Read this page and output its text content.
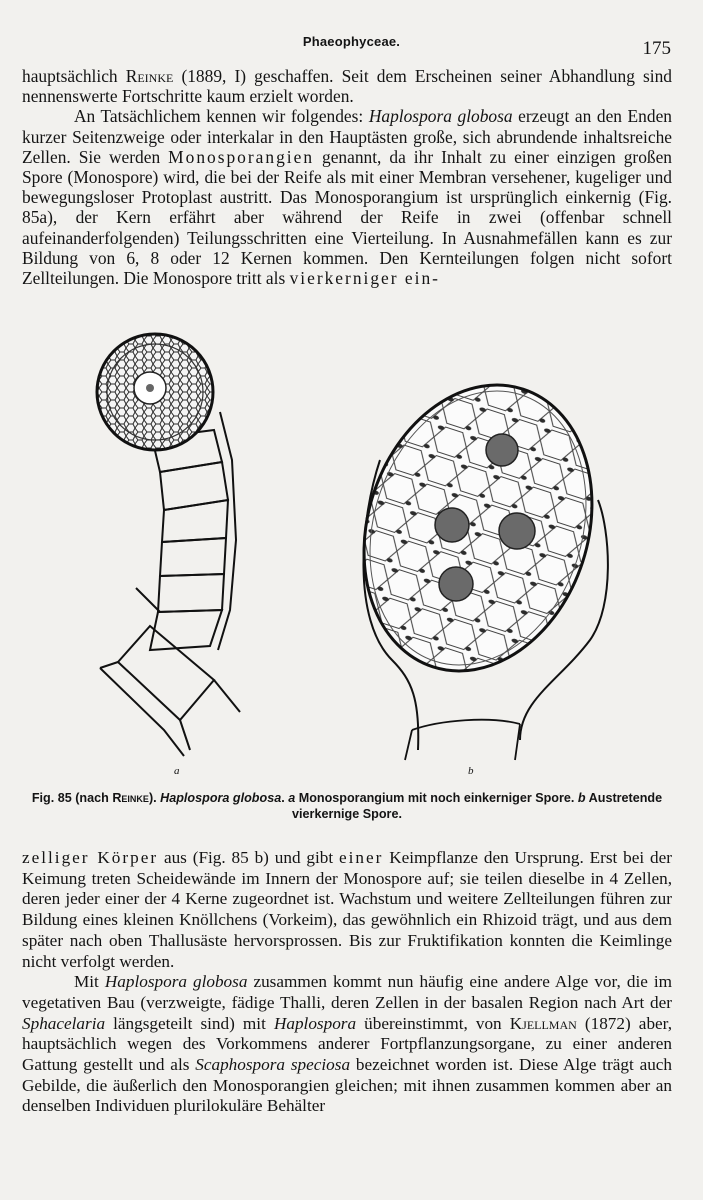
Phaeophyceae.	175

hauptsächlich Reinke (1889, I) geschaffen. Seit dem Erscheinen seiner Abhandlung sind nennenswerte Fortschritte kaum erzielt worden.

An Tatsächlichem kennen wir folgendes: Haplospora globosa erzeugt an den Enden kurzer Seitenzweige oder interkalar in den Hauptästen große, sich abrundende inhaltsreiche Zellen. Sie werden Monosporangien genannt, da ihr Inhalt zu einer einzigen großen Spore (Monospore) wird, die bei der Reife als mit einer Membran versehener, kugeliger und bewegungsloser Protoplast austritt. Das Monosporangium ist ursprünglich einkernig (Fig. 85a), der Kern erfährt aber während der Reife in zwei (offenbar schnell aufeinanderfolgenden) Teilungsschritten eine Vierteilung. In Ausnahmefällen kann es zur Bildung von 6, 8 oder 12 Kernen kommen. Den Kernteilungen folgen nicht sofort Zellteilungen. Die Monospore tritt als vierkerniger ein-

a	b
Fig. 85 (nach Reinke). Haplospora globosa. a Monosporangium mit noch einkerniger Spore. b Austretende vierkernige Spore.

zelliger Körper aus (Fig. 85 b) und gibt einer Keimpflanze den Ursprung. Erst bei der Keimung treten Scheidewände im Innern der Monospore auf; sie teilen dieselbe in 4 Zellen, deren jeder einer der 4 Kerne zugeordnet ist. Wachstum und weitere Zellteilungen führen zur Bildung eines kleinen Knöllchens (Vorkeim), das gewöhnlich ein Rhizoid trägt, und aus dem später nach oben Thallusäste hervorsprossen. Bis zur Fruktifikation konnten die Keimlinge nicht verfolgt werden.

Mit Haplospora globosa zusammen kommt nun häufig eine andere Alge vor, die im vegetativen Bau (verzweigte, fädige Thalli, deren Zellen in der basalen Region nach Art der Sphacelaria längsgeteilt sind) mit Haplospora übereinstimmt, von Kjellman (1872) aber, hauptsächlich wegen des Vorkommens anderer Fortpflanzungsorgane, zu einer anderen Gattung gestellt und als Scaphospora speciosa bezeichnet worden ist. Diese Alge trägt auch Gebilde, die äußerlich den Monosporangien gleichen; mit ihnen zusammen kommen aber an denselben Individuen plurilokuläre Behälter
